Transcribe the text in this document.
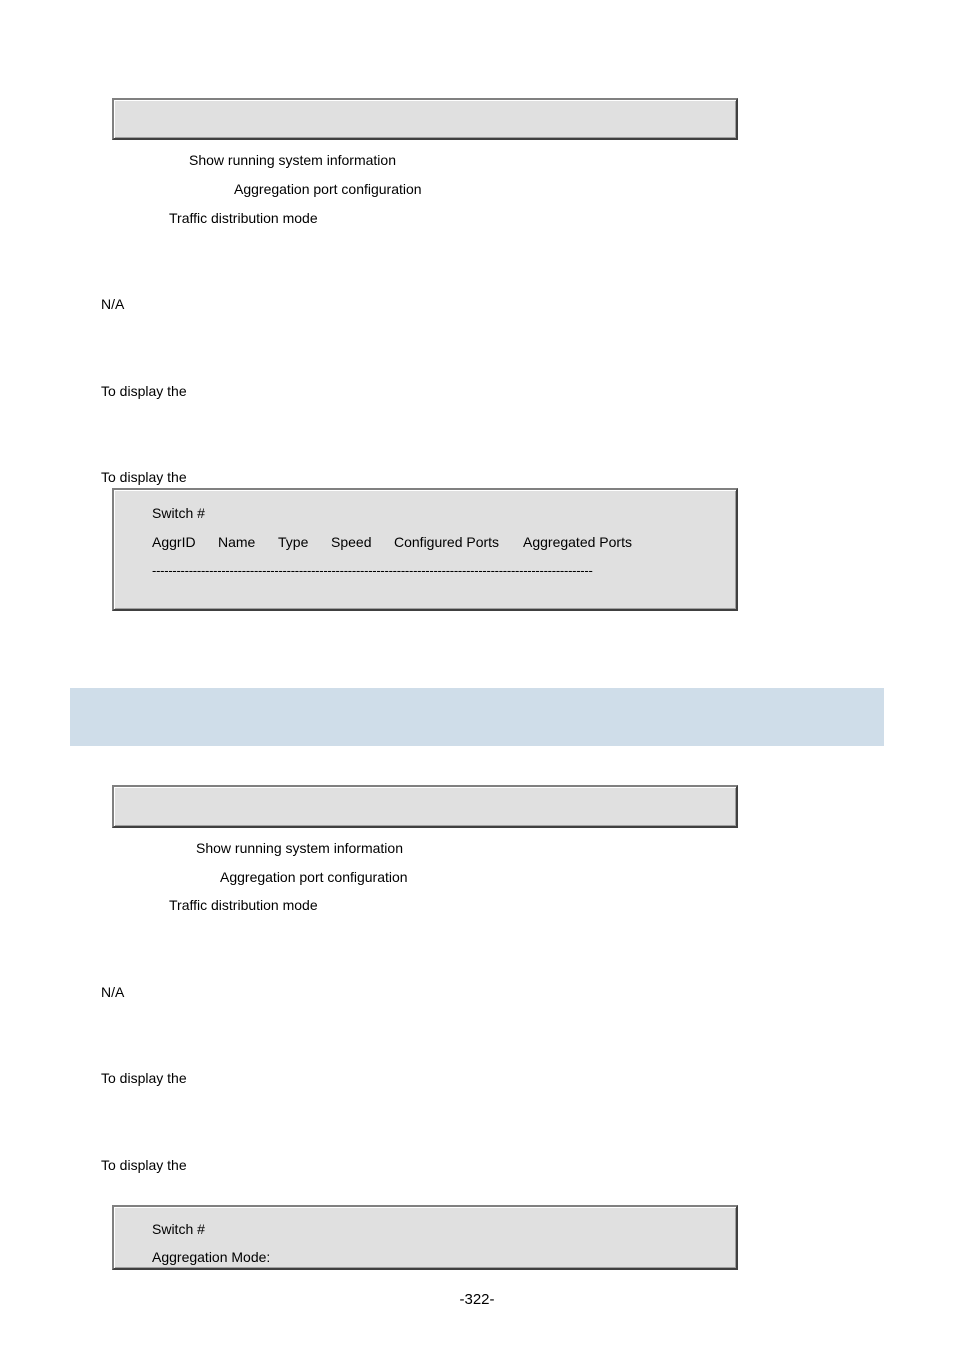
Show running system information
Aggregation port configuration
Traffic distribution mode
N/A
To display the
To display the
Switch #
AggrID Name Type Speed Configured Ports Aggregated Ports
------------------------------------------------------------------------------------------------------------
Show running system information
Aggregation port configuration
Traffic distribution mode
N/A
To display the
To display the
Switch #
Aggregation Mode:
-322-
